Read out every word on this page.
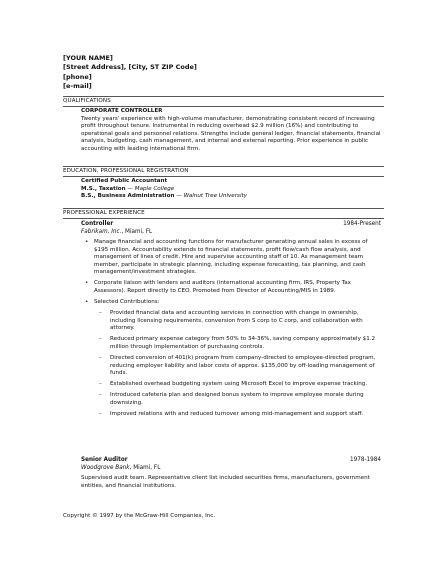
[YOUR NAME]
[Street Address], [City, ST ZIP Code]
[phone]
[e-mail]
QUALIFICATIONS

CORPORATE CONTROLLER

Twenty years' experience with high-volume manufacturer, demonstrating consistent record of increasing profit throughout tenure. Instrumental in reducing overhead $2.9 million (16%) and contributing to operational goals and personnel relations. Strengths include general ledger, financial statements, financial analysis, budgeting, cash management, and internal and external reporting. Prior experience in public accounting with leading international firm.

EDUCATION, PROFESSIONAL REGISTRATION

Certified Public Accountant

M.S., Taxation — Maple College

B.S., Business Administration — Walnut Tree University

PROFESSIONAL EXPERIENCE
Controller	1984-Present
Fabrikam, Inc., Miami, FL
• Manage financial and accounting functions for manufacturer generating annual sales in excess of $195 million. Accountability extends to financial statements, profit flow/cash flow analysis, and management of lines of credit. Hire and supervise accounting staff of 10. As management team member, participate in strategic planning, including expense forecasting, tax planning, and cash management/investment strategies.
• Corporate liaison with lenders and auditors (international accounting firm, IRS, Property Tax Assessors). Report directly to CEO. Promoted from Director of Accounting/MIS in 1989.
• Selected Contributions:
– Provided financial data and accounting services in connection with change in ownership, including licensing requirements, conversion from S corp to C corp, and collaboration with attorney.
– Reduced primary expense category from 50% to 34-36%, saving company approximately $1.2 million through implementation of purchasing controls.
– Directed conversion of 401(k) program from company-directed to employee-directed program, reducing employer liability and labor costs of approx. $135,000 by off-loading management of funds.
– Established overhead budgeting system using Microsoft Excel to improve expense tracking.
– Introduced cafeteria plan and designed bonus system to improve employee morale during downsizing.
– Improved relations with and reduced turnover among mid-management and support staff.
Senior Auditor	1978-1984
Woodgrove Bank, Miami, FL

Supervised audit team. Representative client list included securities firms, manufacturers, government entities, and financial institutions.

Copyright © 1997 by the McGraw-Hill Companies, Inc.
